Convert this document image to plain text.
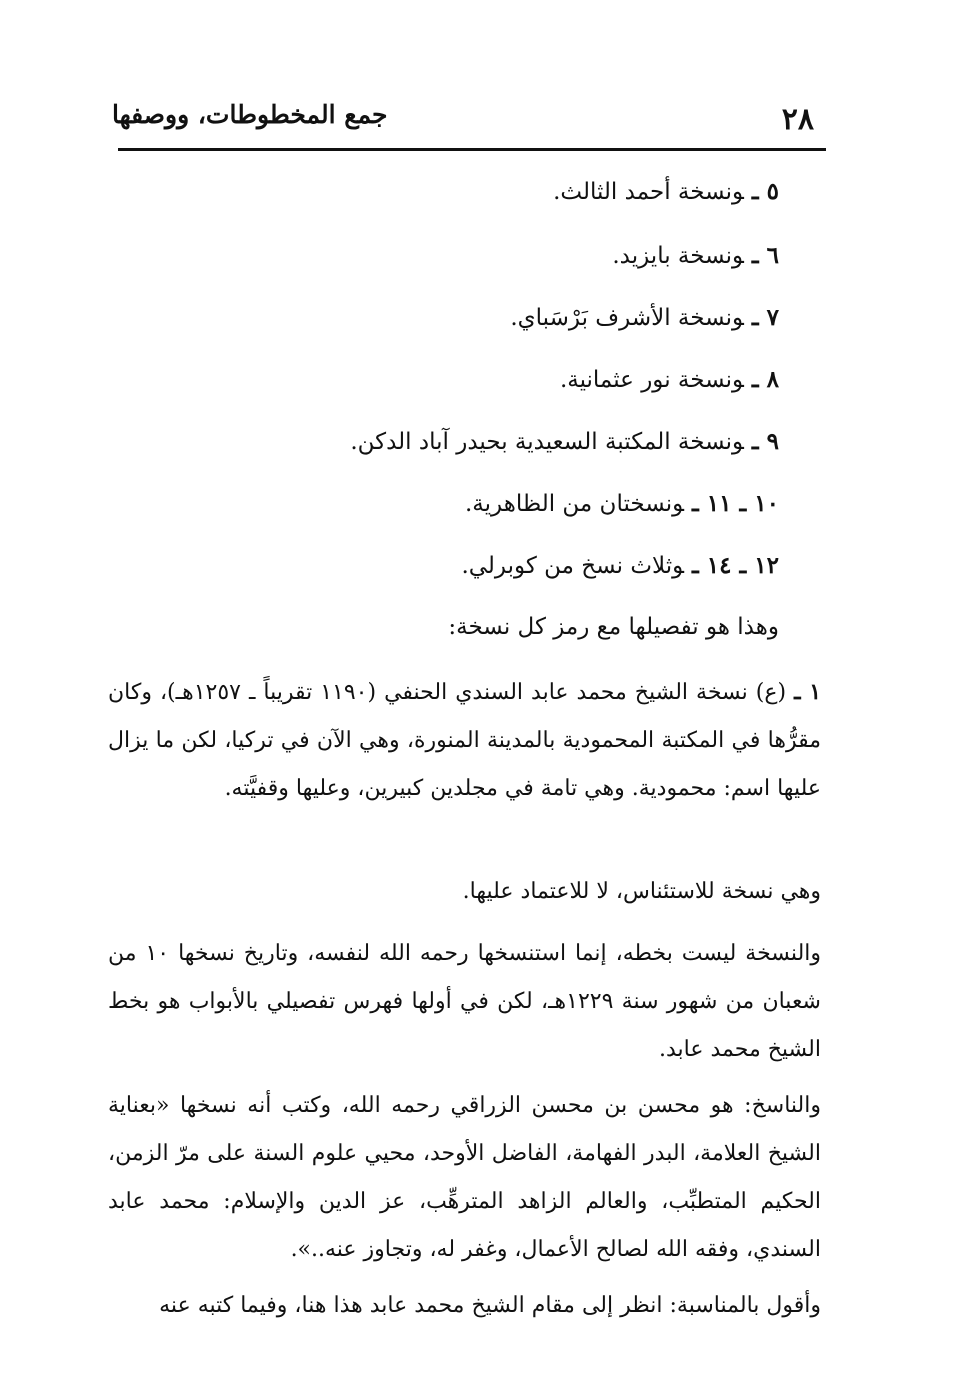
٢٨
جمع المخطوطات، ووصفها
٥ ـونسخة أحمد الثالث.
٦ ـونسخة بايزيد.
٧ ـونسخة الأشرف بَرْسَباي.
٨ ـونسخة نور عثمانية.
٩ ـونسخة المكتبة السعيدية بحيدر آباد الدكن.
١٠ ـ ١١ ـونسختان من الظاهرية.
١٢ ـ ١٤ ـوثلاث نسخ من كوبرلي.
وهذا هو تفصيلها مع رمز كل نسخة:
١ ـ (ع) نسخة الشيخ محمد عابد السندي الحنفي (١١٩٠ تقريباً ـ ١٢٥٧هـ)، وكان مقرُّها في المكتبة المحمودية بالمدينة المنورة، وهي الآن في تركيا، لكن ما يزال عليها اسم: محمودية. وهي تامة في مجلدين كبيرين، وعليها وقفيَّته.
وهي نسخة للاستئناس، لا للاعتماد عليها.
والنسخة ليست بخطه، إنما استنسخها رحمه الله لنفسه، وتاريخ نسخها ١٠ من شعبان من شهور سنة ١٢٢٩هـ، لكن في أولها فهرس تفصيلي بالأبواب هو بخط الشيخ محمد عابد.
والناسخ: هو محسن بن محسن الزراقي رحمه الله، وكتب أنه نسخها «بعناية الشيخ العلامة، البدر الفهامة، الفاضل الأوحد، محيي علوم السنة على مرّ الزمن، الحكيم المتطبِّب، والعالم الزاهد المترهِّب، عز الدين والإسلام: محمد عابد السندي، وفقه الله لصالح الأعمال، وغفر له، وتجاوز عنه..».
وأقول بالمناسبة: انظر إلى مقام الشيخ محمد عابد هذا هنا، وفيما كتبه عنه
